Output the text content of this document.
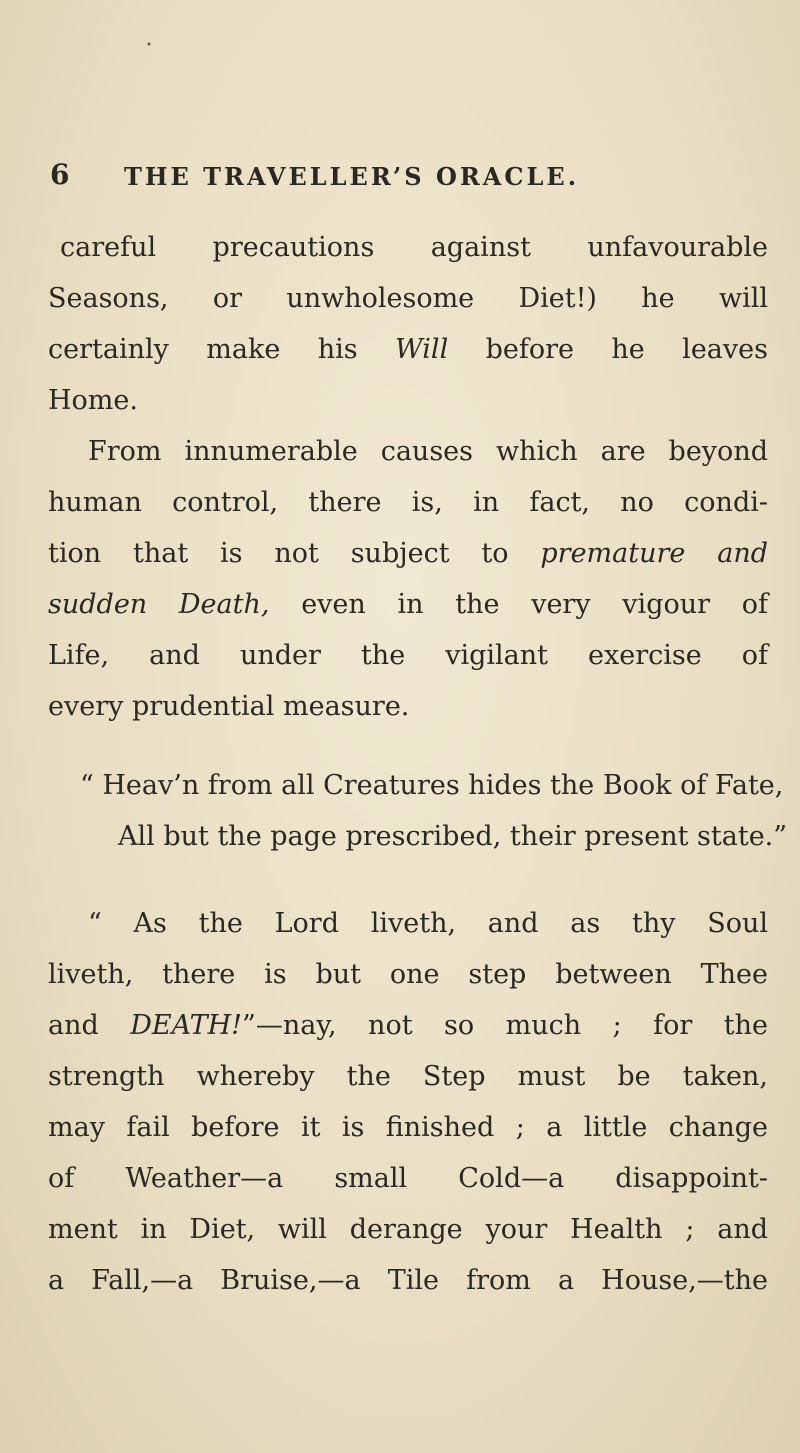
•
6 THE TRAVELLER’S ORACLE.
careful precautions against unfavourable
Seasons, or unwholesome Diet!) he will
certainly make his Will before he leaves
Home.
From innumerable causes which are beyond
human control, there is, in fact, no condi-
tion that is not subject to premature and
sudden Death, even in the very vigour of
Life, and under the vigilant exercise of
every prudential measure.
“ Heav’n from all Creatures hides the Book of Fate,
All but the page prescribed, their present state.”
“ As the Lord liveth, and as thy Soul
liveth, there is but one step between Thee
and DEATH!”—nay, not so much ; for the
strength whereby the Step must be taken,
may fail before it is finished ; a little change
of Weather—a small Cold—a disappoint-
ment in Diet, will derange your Health ; and
a Fall,—a Bruise,—a Tile from a House,—the
